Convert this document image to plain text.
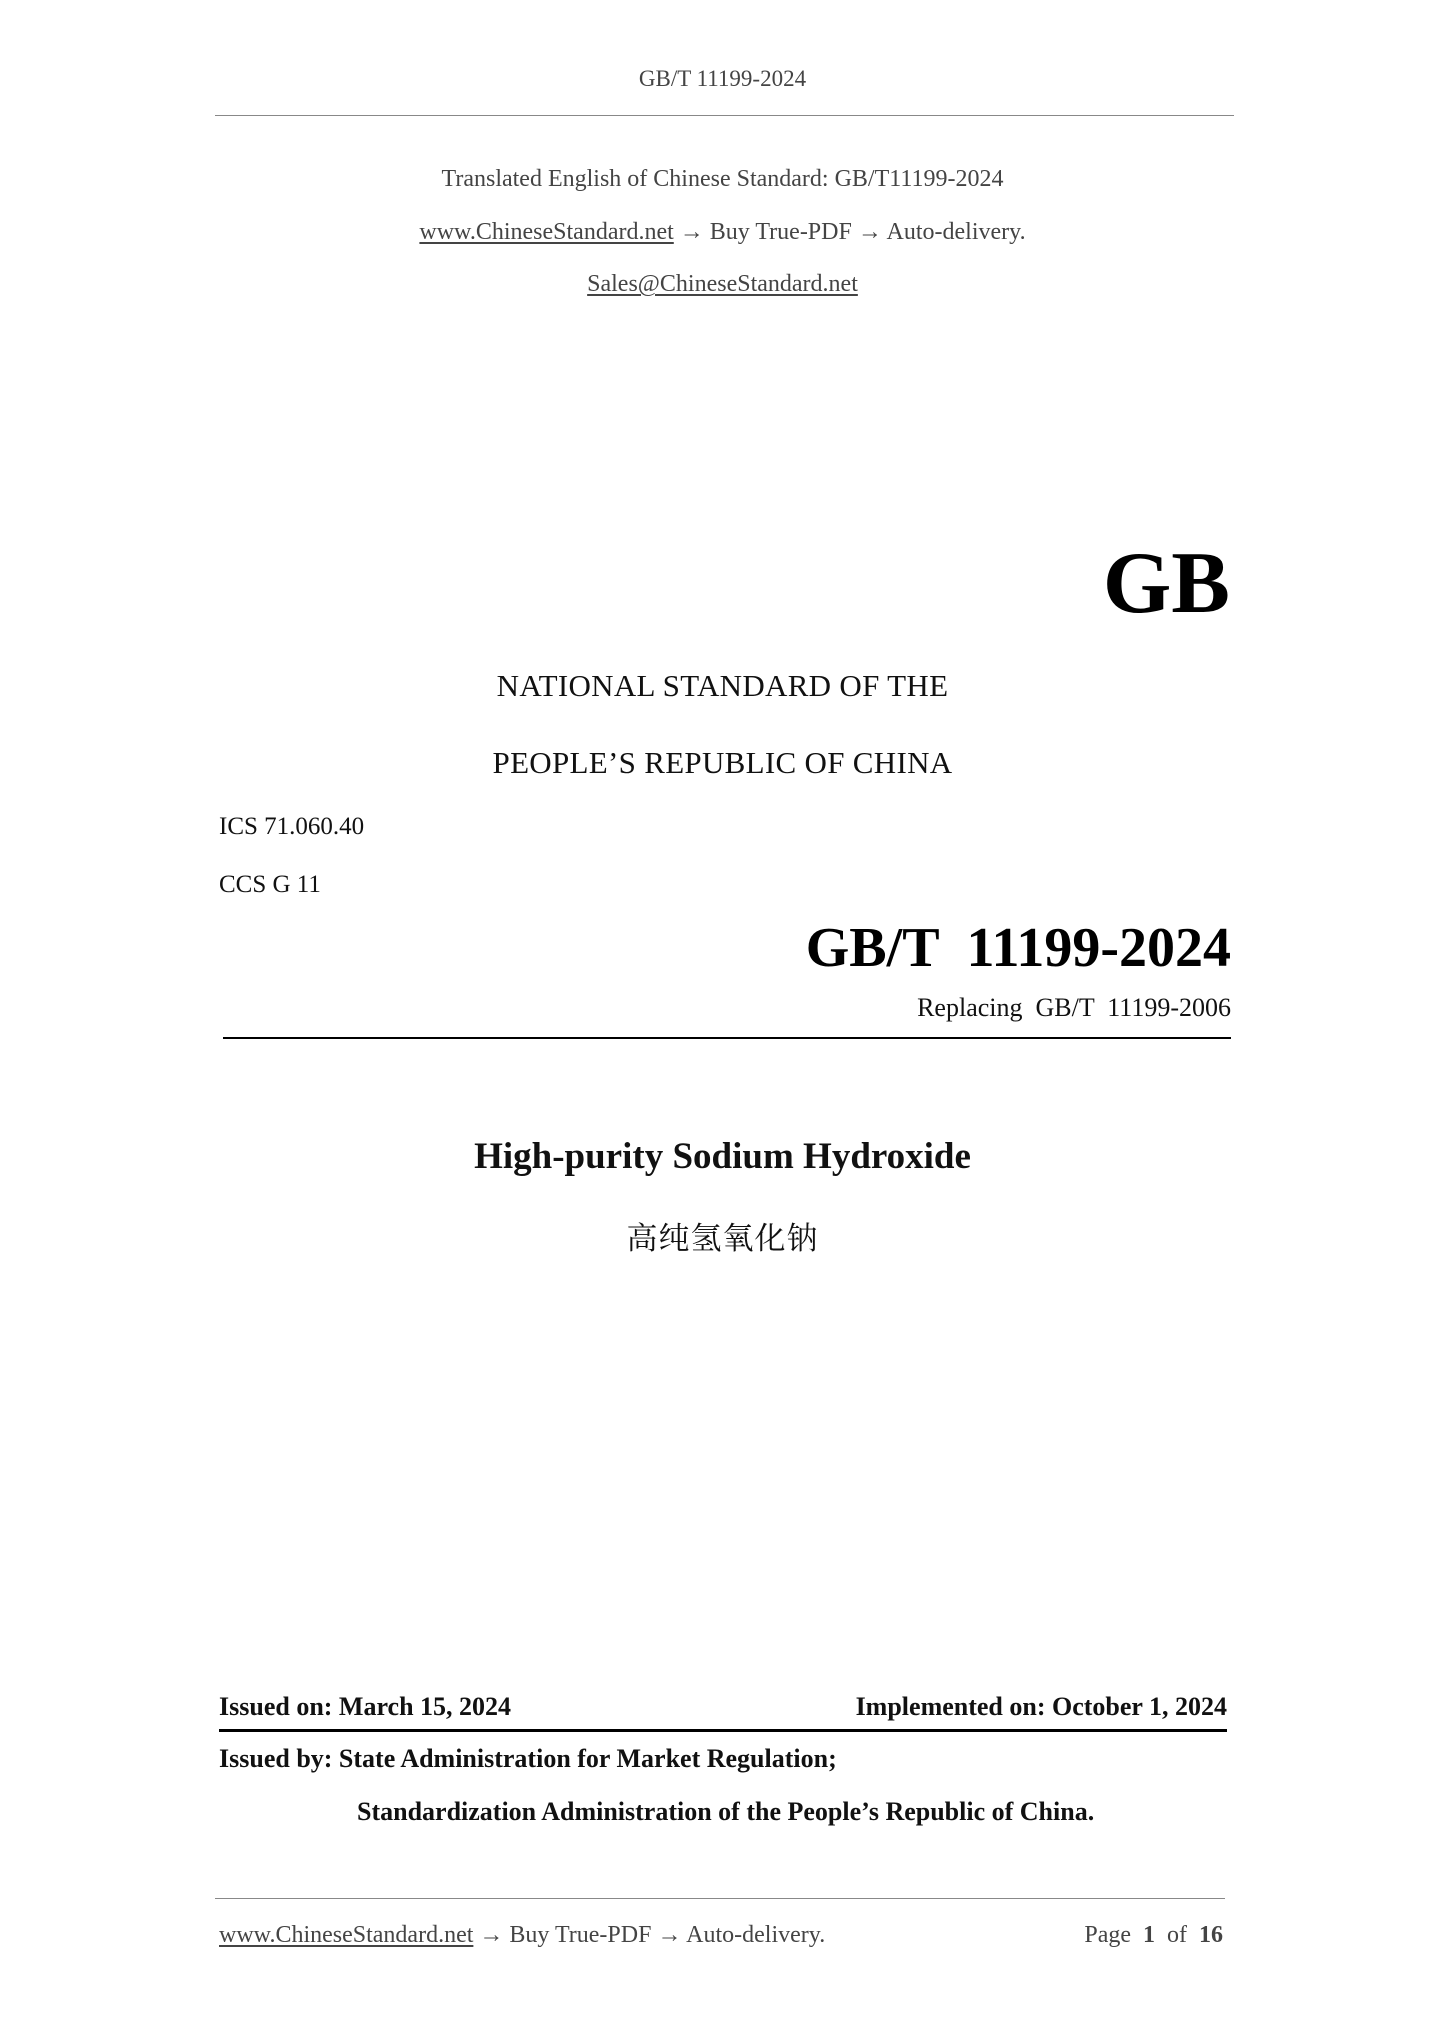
GB/T 11199-2024
Translated English of Chinese Standard: GB/T11199-2024
www.ChineseStandard.net → Buy True-PDF → Auto-delivery.
Sales@ChineseStandard.net
GB
NATIONAL STANDARD OF THE
PEOPLE’S REPUBLIC OF CHINA
ICS 71.060.40
CCS G 11
GB/T  11199-2024
Replacing  GB/T  11199-2006
High-purity Sodium Hydroxide
高纯氢氧化钠
Issued on: March 15, 2024	Implemented on: October 1, 2024
Issued by: State Administration for Market Regulation;
Standardization Administration of the People’s Republic of China.
www.ChineseStandard.net → Buy True-PDF → Auto-delivery.	Page 1 of 16
